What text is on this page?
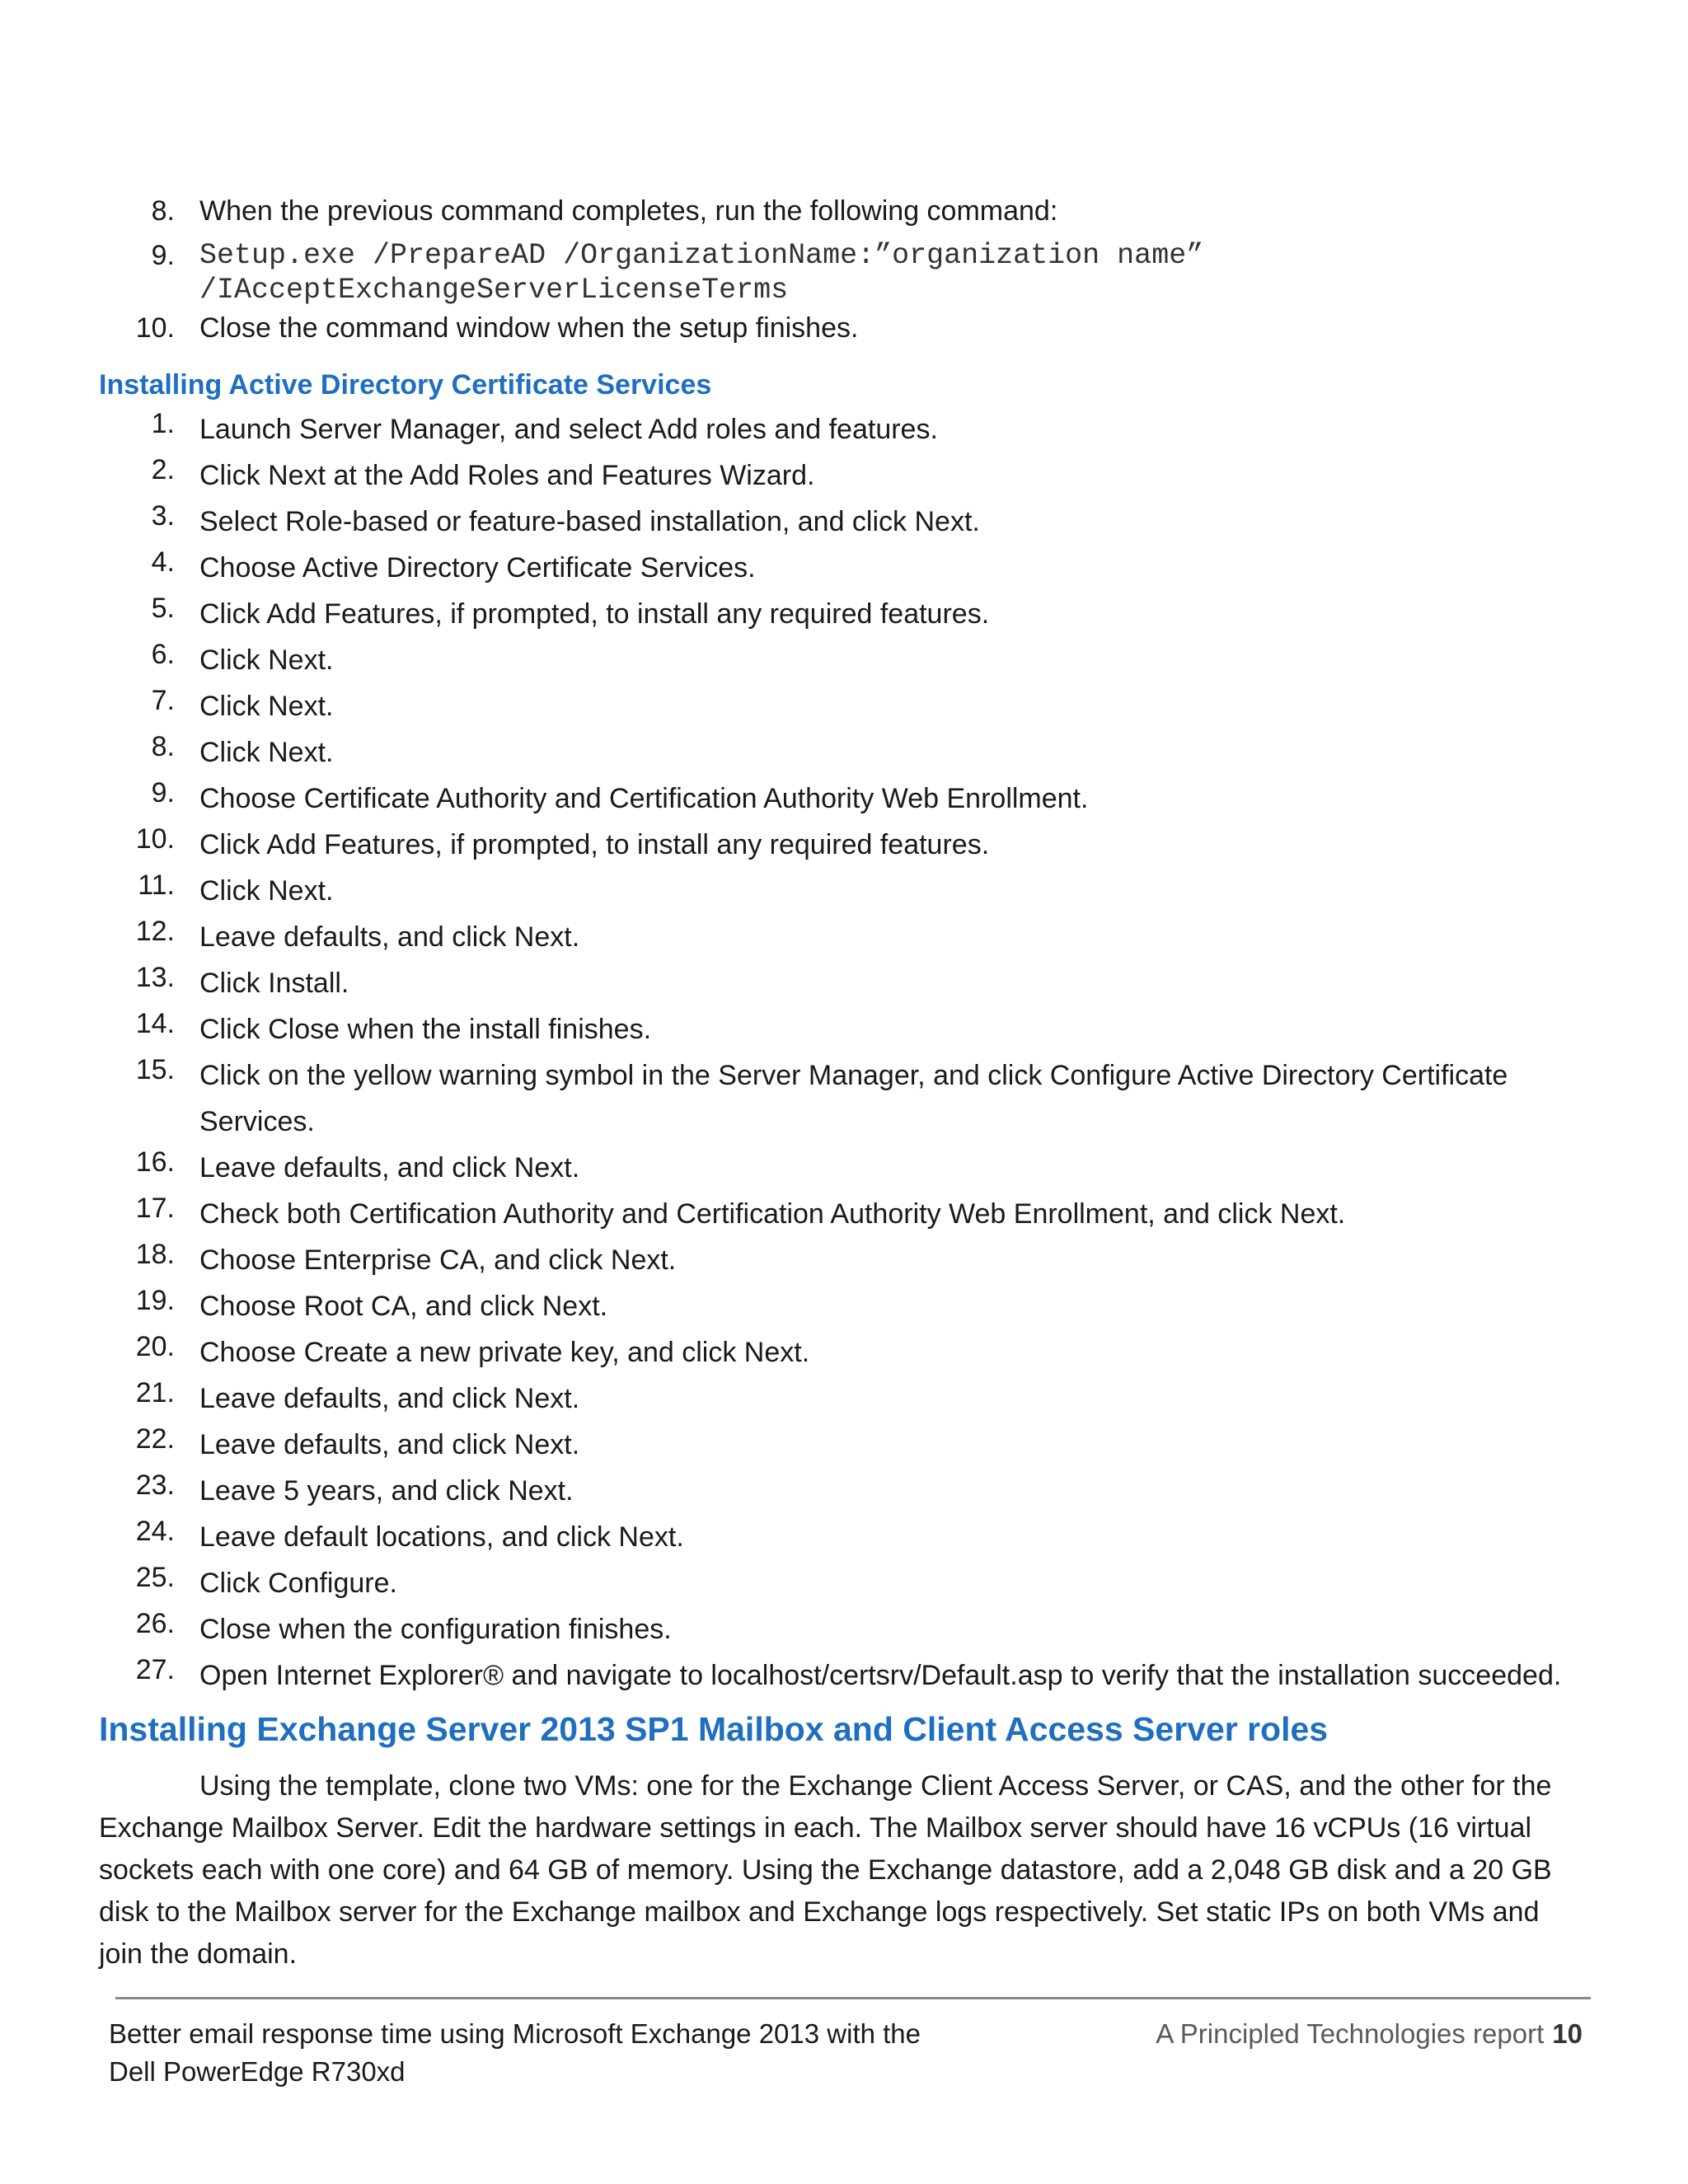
8. When the previous command completes, run the following command:
9. Setup.exe /PrepareAD /OrganizationName:”organization name”
/IAcceptExchangeServerLicenseTerms
10. Close the command window when the setup finishes.
Installing Active Directory Certificate Services
1. Launch Server Manager, and select Add roles and features.
2. Click Next at the Add Roles and Features Wizard.
3. Select Role-based or feature-based installation, and click Next.
4. Choose Active Directory Certificate Services.
5. Click Add Features, if prompted, to install any required features.
6. Click Next.
7. Click Next.
8. Click Next.
9. Choose Certificate Authority and Certification Authority Web Enrollment.
10. Click Add Features, if prompted, to install any required features.
11. Click Next.
12. Leave defaults, and click Next.
13. Click Install.
14. Click Close when the install finishes.
15. Click on the yellow warning symbol in the Server Manager, and click Configure Active Directory Certificate
Services.
16. Leave defaults, and click Next.
17. Check both Certification Authority and Certification Authority Web Enrollment, and click Next.
18. Choose Enterprise CA, and click Next.
19. Choose Root CA, and click Next.
20. Choose Create a new private key, and click Next.
21. Leave defaults, and click Next.
22. Leave defaults, and click Next.
23. Leave 5 years, and click Next.
24. Leave default locations, and click Next.
25. Click Configure.
26. Close when the configuration finishes.
27. Open Internet Explorer® and navigate to localhost/certsrv/Default.asp to verify that the installation succeeded.
Installing Exchange Server 2013 SP1 Mailbox and Client Access Server roles
Using the template, clone two VMs: one for the Exchange Client Access Server, or CAS, and the other for the Exchange Mailbox Server. Edit the hardware settings in each. The Mailbox server should have 16 vCPUs (16 virtual sockets each with one core) and 64 GB of memory. Using the Exchange datastore, add a 2,048 GB disk and a 20 GB disk to the Mailbox server for the Exchange mailbox and Exchange logs respectively. Set static IPs on both VMs and join the domain.
Better email response time using Microsoft Exchange 2013 with the
Dell PowerEdge R730xd
A Principled Technologies report 10
